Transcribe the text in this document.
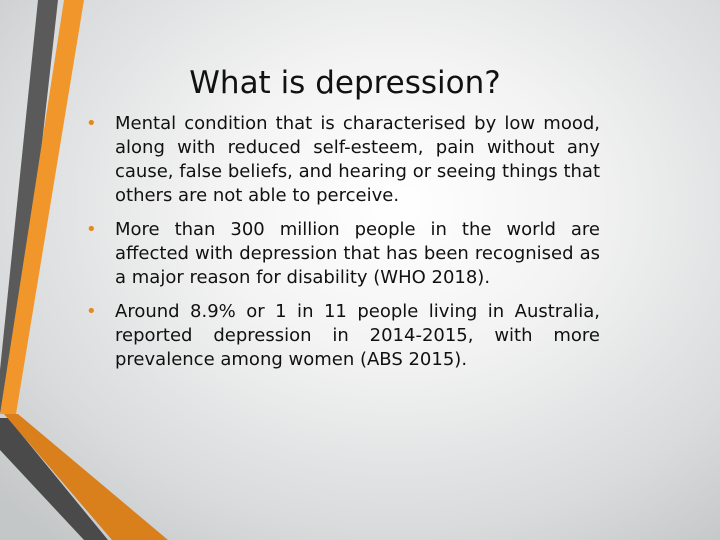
What is depression?
• Mental condition that is characterised by low mood, along with reduced self-esteem, pain without any cause, false beliefs, and hearing or seeing things that others are not able to perceive.
• More than 300 million people in the world are affected with depression that has been recognised as a major reason for disability (WHO 2018).
• Around 8.9% or 1 in 11 people living in Australia, reported depression in 2014-2015, with more prevalence among women (ABS 2015).
